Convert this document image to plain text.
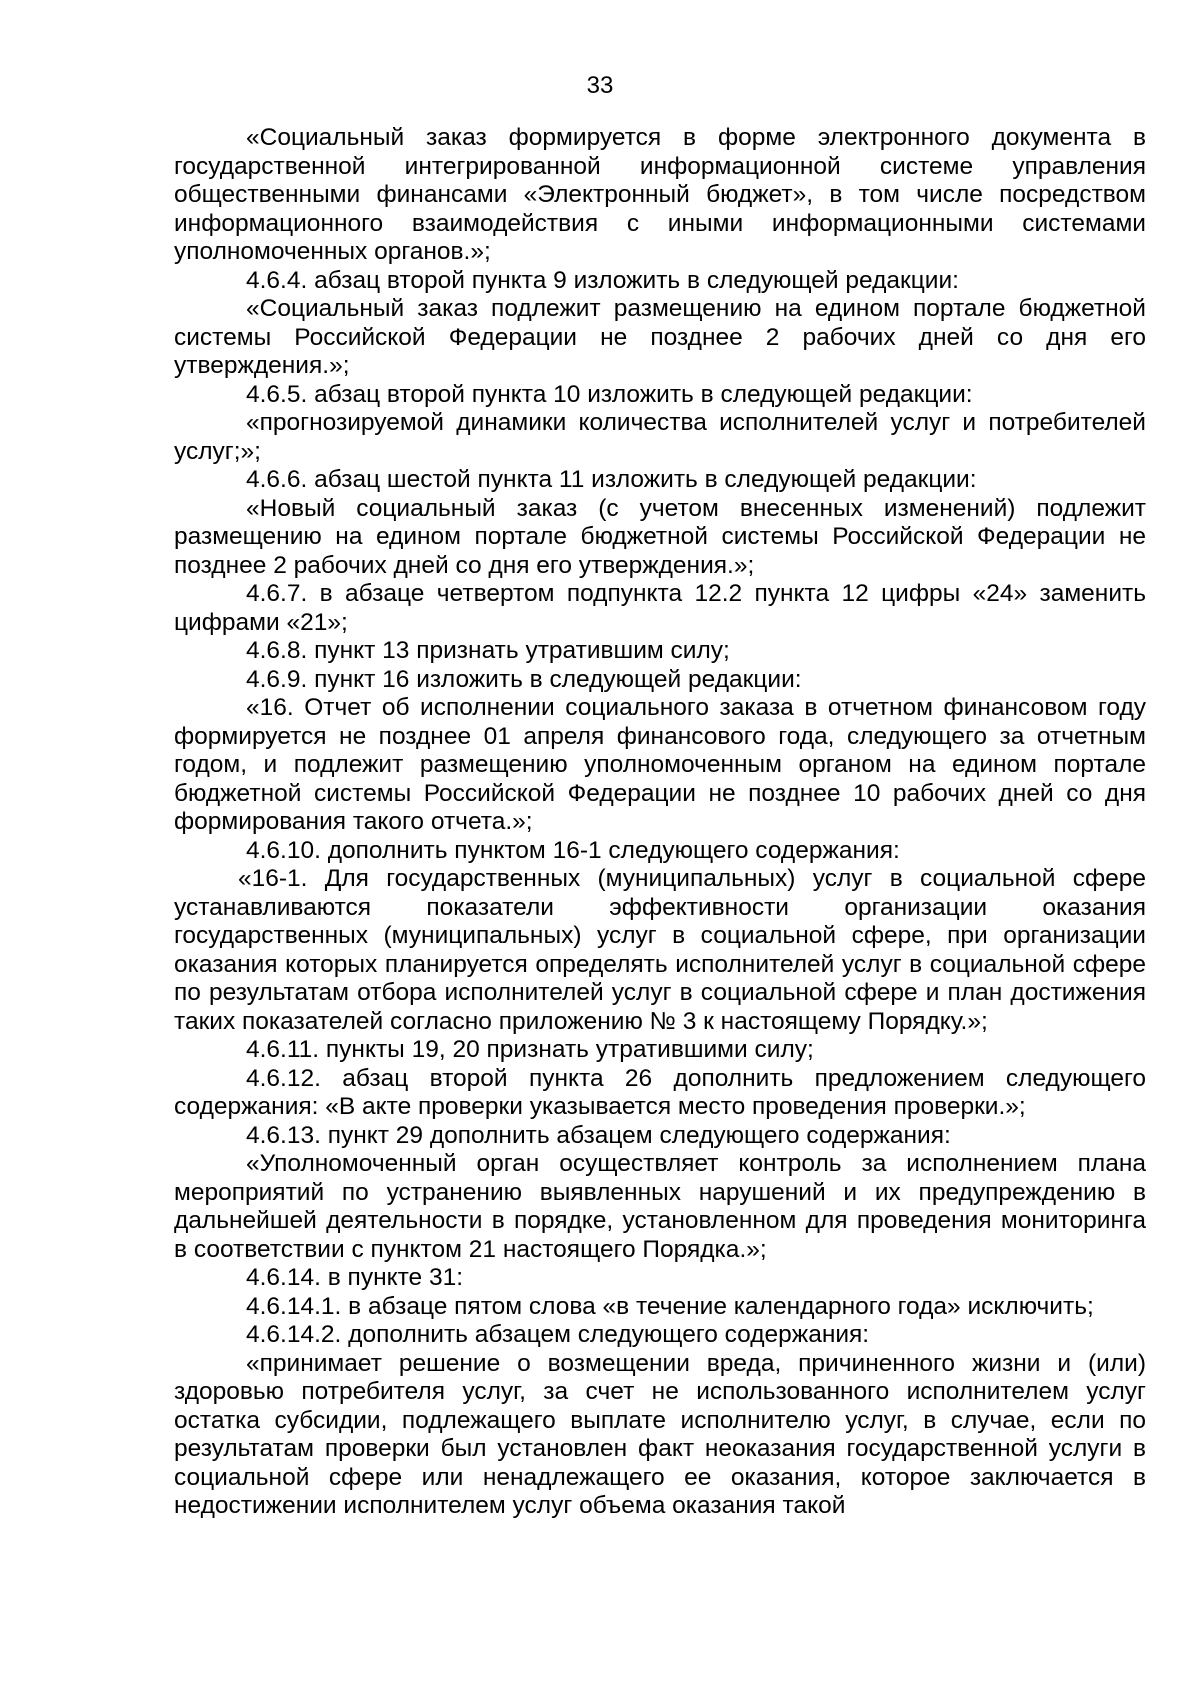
33

«Социальный заказ формируется в форме электронного документа в государственной интегрированной информационной системе управления общественными финансами «Электронный бюджет», в том числе посредством информационного взаимодействия с иными информационными системами уполномоченных органов.»;

4.6.4. абзац второй пункта 9 изложить в следующей редакции:

«Социальный заказ подлежит размещению на едином портале бюджетной системы Российской Федерации не позднее 2 рабочих дней со дня его утверждения.»;

4.6.5. абзац второй пункта 10 изложить в следующей редакции:

«прогнозируемой динамики количества исполнителей услуг и потребителей услуг;»;

4.6.6. абзац шестой пункта 11 изложить в следующей редакции:

«Новый социальный заказ (с учетом внесенных изменений) подлежит размещению на едином портале бюджетной системы Российской Федерации не позднее 2 рабочих дней со дня его утверждения.»;

4.6.7. в абзаце четвертом подпункта 12.2 пункта 12 цифры «24» заменить цифрами «21»;

4.6.8. пункт 13 признать утратившим силу;

4.6.9. пункт 16 изложить в следующей редакции:

«16. Отчет об исполнении социального заказа в отчетном финансовом году формируется не позднее 01 апреля финансового года, следующего за отчетным годом, и подлежит размещению уполномоченным органом на едином портале бюджетной системы Российской Федерации не позднее 10 рабочих дней со дня формирования такого отчета.»;

4.6.10. дополнить пунктом 16-1 следующего содержания:

«16-1. Для государственных (муниципальных) услуг в социальной сфере устанавливаются показатели эффективности организации оказания государственных (муниципальных) услуг в социальной сфере, при организации оказания которых планируется определять исполнителей услуг в социальной сфере по результатам отбора исполнителей услуг в социальной сфере и план достижения таких показателей согласно приложению № 3 к настоящему Порядку.»;

4.6.11. пункты 19, 20 признать утратившими силу;

4.6.12. абзац второй пункта 26 дополнить предложением следующего содержания: «В акте проверки указывается место проведения проверки.»;

4.6.13. пункт 29 дополнить абзацем следующего содержания:

«Уполномоченный орган осуществляет контроль за исполнением плана мероприятий по устранению выявленных нарушений и их предупреждению в дальнейшей деятельности в порядке, установленном для проведения мониторинга в соответствии с пунктом 21 настоящего Порядка.»;

4.6.14. в пункте 31:

4.6.14.1. в абзаце пятом слова «в течение календарного года» исключить;

4.6.14.2. дополнить абзацем следующего содержания:

«принимает решение о возмещении вреда, причиненного жизни и (или) здоровью потребителя услуг, за счет не использованного исполнителем услуг остатка субсидии, подлежащего выплате исполнителю услуг, в случае, если по результатам проверки был установлен факт неоказания государственной услуги в социальной сфере или ненадлежащего ее оказания, которое заключается в недостижении исполнителем услуг объема оказания такой
